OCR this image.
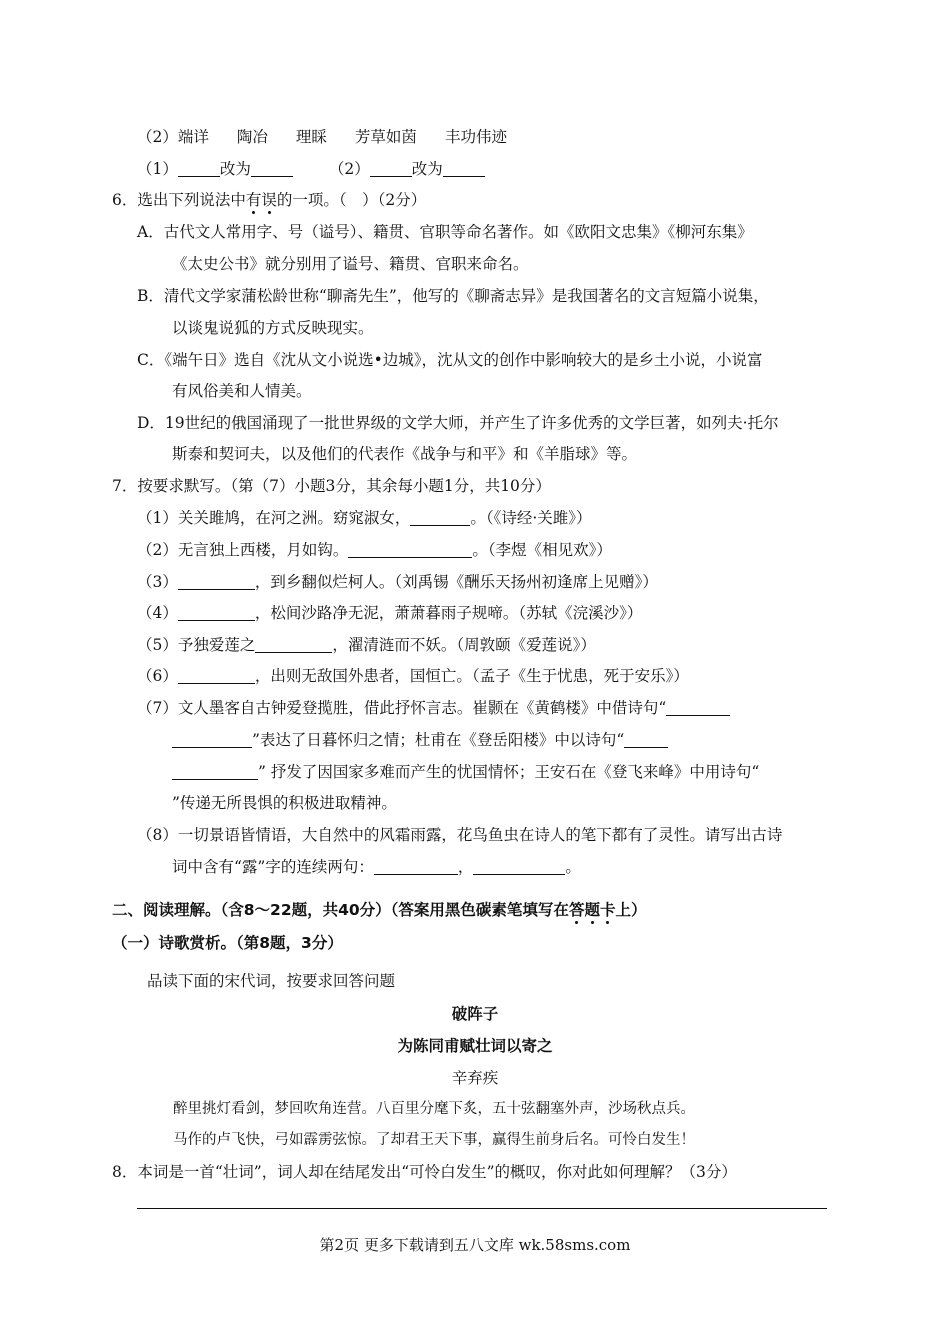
（2）端详 陶冶 理睬 芳草如茵 丰功伟迹
（1）	改为	（2）	改为
6．选出下列说法中有误的一项。（　）（2分）
A．古代文人常用字、号（谥号）、籍贯、官职等命名著作。如《欧阳文忠集》《柳河东集》
《太史公书》就分别用了谥号、籍贯、官职来命名。
B．清代文学家蒲松龄世称“聊斋先生”，他写的《聊斋志异》是我国著名的文言短篇小说集，
以谈鬼说狐的方式反映现实。
C．《端午日》选自《沈从文小说选•边城》，沈从文的创作中影响较大的是乡土小说，小说富
有风俗美和人情美。
D．19世纪的俄国涌现了一批世界级的文学大师，并产生了许多优秀的文学巨著，如列夫·托尔
斯泰和契诃夫，以及他们的代表作《战争与和平》和《羊脂球》等。
7．按要求默写。（第（7）小题3分，其余每小题1分，共10分）
（1）关关雎鸠，在河之洲。窈窕淑女，	。（《诗经·关雎》）
（2）无言独上西楼，月如钩。	。（李煜《相见欢》）
（3）	，到乡翻似烂柯人。（刘禹锡《酬乐天扬州初逢席上见赠》）
（4）	，松间沙路净无泥，萧萧暮雨子规啼。（苏轼《浣溪沙》）
（5）予独爱莲之	，濯清涟而不妖。（周敦颐《爱莲说》）
（6）	，出则无敌国外患者，国恒亡。（孟子《生于忧患，死于安乐》）
（7）文人墨客自古钟爱登揽胜，借此抒怀言志。崔颢在《黄鹤楼》中借诗句“
”表达了日暮怀归之情；杜甫在《登岳阳楼》中以诗句“
” 抒发了因国家多难而产生的忧国情怀；王安石在《登飞来峰》中用诗句“
”传递无所畏惧的积极进取精神。
（8）一切景语皆情语，大自然中的风霜雨露，花鸟鱼虫在诗人的笔下都有了灵性。请写出古诗
词中含有“露”字的连续两句：	，	。
二、阅读理解。（含8～22题，共40分）（答案用黑色碳素笔填写在答题卡上）
（一）诗歌赏析。（第8题，3分）
品读下面的宋代词，按要求回答问题
破阵子
为陈同甫赋壮词以寄之
辛弃疾
醉里挑灯看剑，梦回吹角连营。八百里分麾下炙，五十弦翻塞外声，沙场秋点兵。
马作的卢飞快，弓如霹雳弦惊。了却君王天下事，赢得生前身后名。可怜白发生！
8．本词是一首“壮词”，词人却在结尾发出“可怜白发生”的概叹，你对此如何理解？（3分）
第2页 更多下载请到五八文库 wk.58sms.com
